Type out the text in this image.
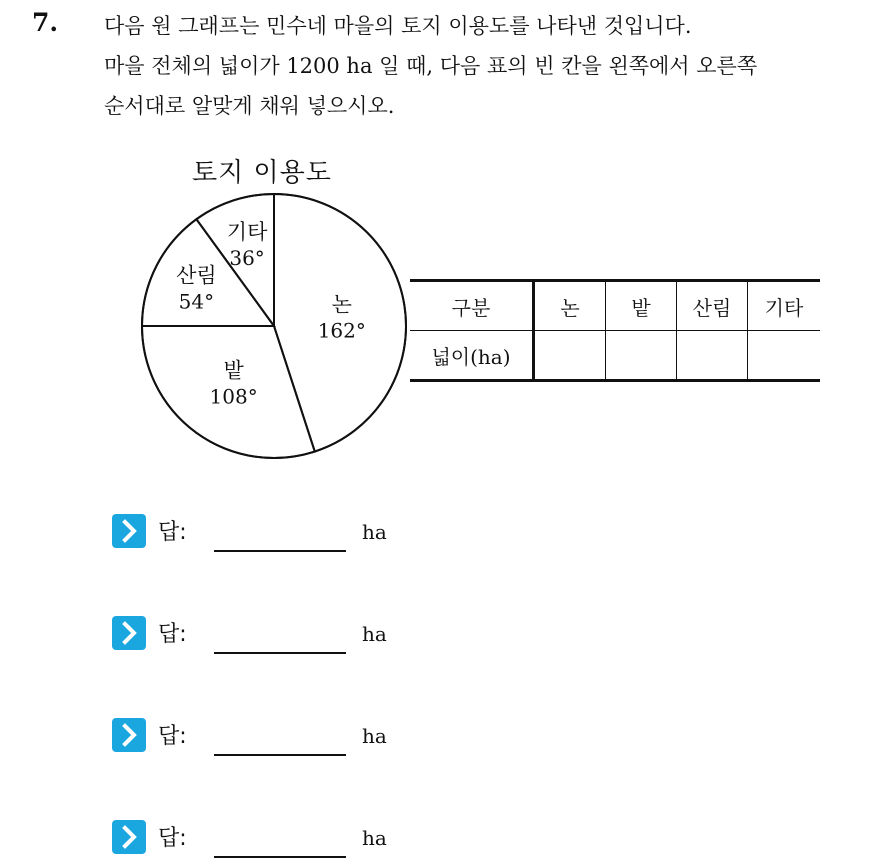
7. 다음 원 그래프는 민수네 마을의 토지 이용도를 나타낸 것입니다.
마을 전체의 넓이가 1200 ha 일 때, 다음 표의 빈 칸을 왼쪽에서 오른쪽
순서대로 알맞게 채워 넣으시오.
토지 이용도
논
162°
밭
108°
산림
54°
기타
36°
구분	논	밭	산림	기타
넓이(ha)				
답:	ha
답:	ha
답:	ha
답:	ha
